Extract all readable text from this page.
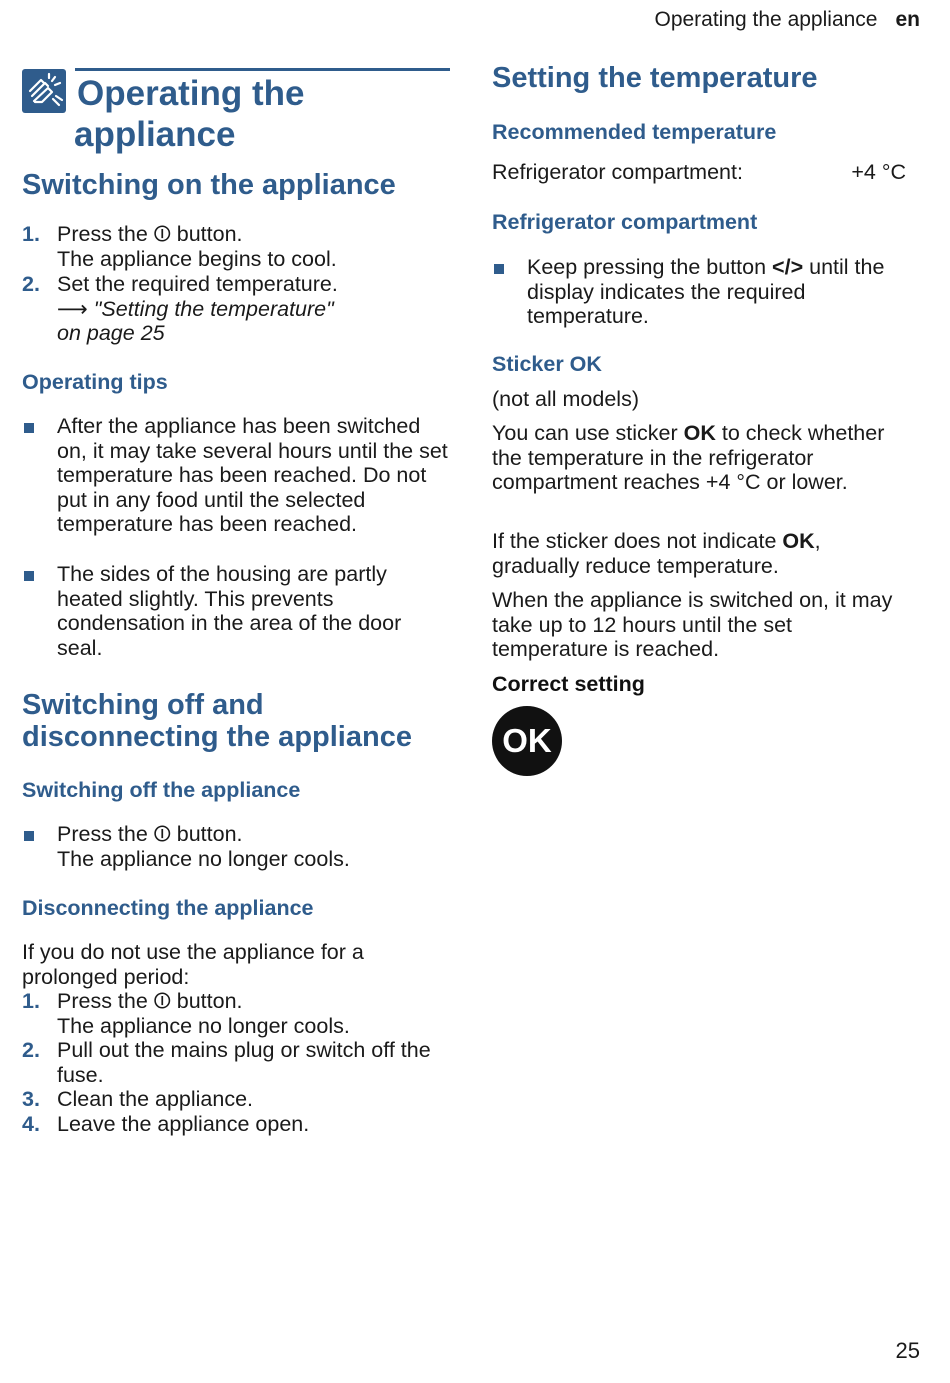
Operating the appliance en
Operating the
appliance
Switching on the appliance
1. Press the ⏼ button.
The appliance begins to cool.
2. Set the required temperature.
⟶ "Setting the temperature"
on page 25
Operating tips
After the appliance has been switched on, it may take several hours until the set temperature has been reached. Do not put in any food until the selected temperature has been reached.
The sides of the housing are partly heated slightly. This prevents condensation in the area of the door seal.
Switching off and
disconnecting the appliance
Switching off the appliance
Press the ⏼ button.
The appliance no longer cools.
Disconnecting the appliance
If you do not use the appliance for a prolonged period:
1. Press the ⏼ button.
The appliance no longer cools.
2. Pull out the mains plug or switch off the fuse.
3. Clean the appliance.
4. Leave the appliance open.
Setting the temperature
Recommended temperature
Refrigerator compartment:	+4 °C
Refrigerator compartment
Keep pressing the button </> until the display indicates the required temperature.
Sticker OK
(not all models)
You can use sticker OK to check whether the temperature in the refrigerator compartment reaches +4 °C or lower.
If the sticker does not indicate OK, gradually reduce temperature.
When the appliance is switched on, it may take up to 12 hours until the set temperature is reached.
Correct setting
OK
25
